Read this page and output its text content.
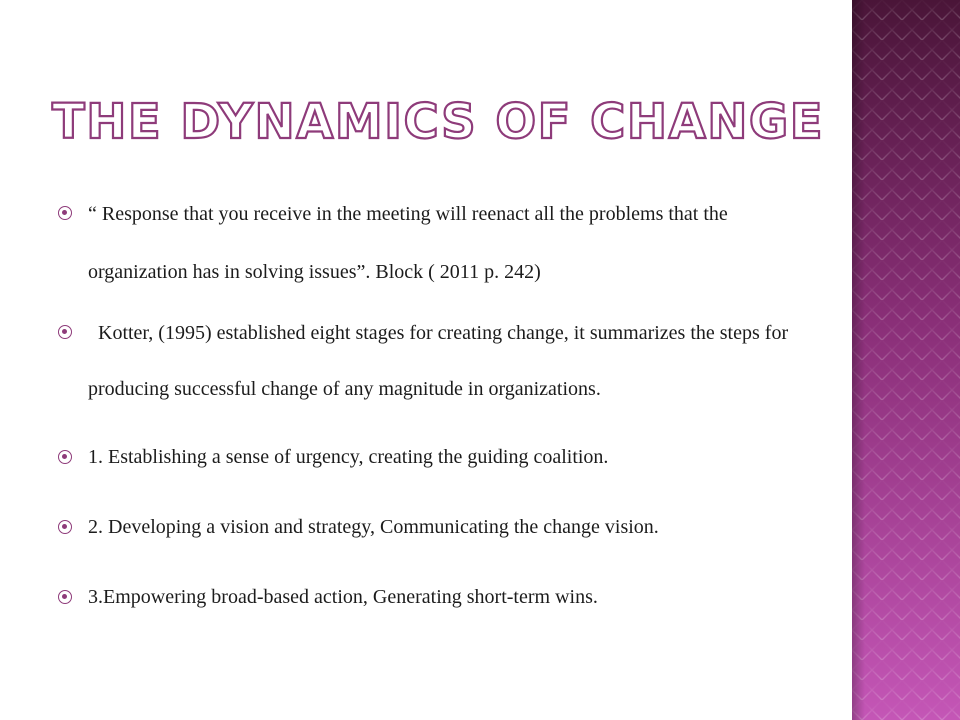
THE DYNAMICS OF CHANGE
“ Response that you receive in the meeting will reenact all the problems that the organization has in solving issues”. Block ( 2011 p. 242)
Kotter, (1995) established eight stages for creating change, it summarizes the steps for producing successful change of any magnitude in organizations.
1. Establishing a sense of urgency, creating the guiding coalition.
2. Developing a vision and strategy, Communicating the change vision.
3.Empowering broad-based action, Generating short-term wins.
